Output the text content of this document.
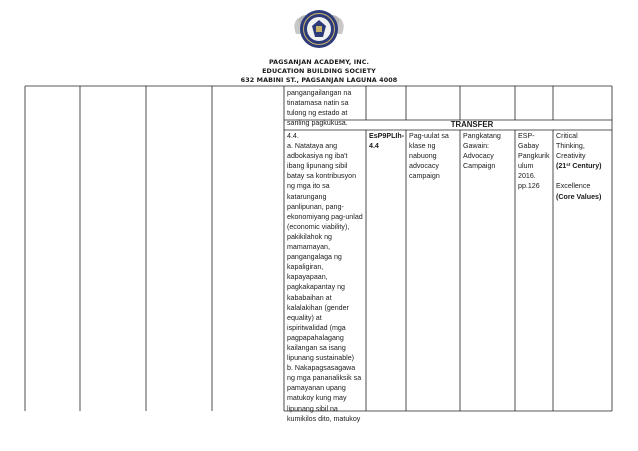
PAGSANJAN ACADEMY, INC.
EDUCATION BUILDING SOCIETY
632 MABINI ST., PAGSANJAN LAGUNA 4008
pangangailangan na
tinatamasa natin sa
tulong ng estado at
sariling pagkukusa.	TRANSFER
4.4.
a. Natataya ang
adbokasiya ng iba't
ibang lipunang sibil
batay sa kontribusyon
ng mga ito sa
katarungang
panlipunan, pang-
ekonomiyang pag-unlad
(economic viability),
pakikilahok ng
mamamayan,
pangangalaga ng
kapaligiran,
kapayapaan,
pagkakapantay ng
kababaihan at
kalalakihan (gender
equality) at
ispiritwalidad (mga
pagpapahalagang
kailangan sa isang
lipunang sustainable)
b. Nakapagsasagawa
ng mga pananaliksik sa
pamayanan upang
matukoy kung may
lipunang sibil na
kumikilos dito, matukoy
EsP9PLIh-
4.4
Pag-uulat sa
klase ng
nabuong
advocacy
campaign
Pangkatang
Gawain:
Advocacy
Campaign
ESP-
Gabay
Pangkurik
ulum
2016.
pp.126
Critical
Thinking,
Creativity
(21st Century)
Excellence
(Core Values)
